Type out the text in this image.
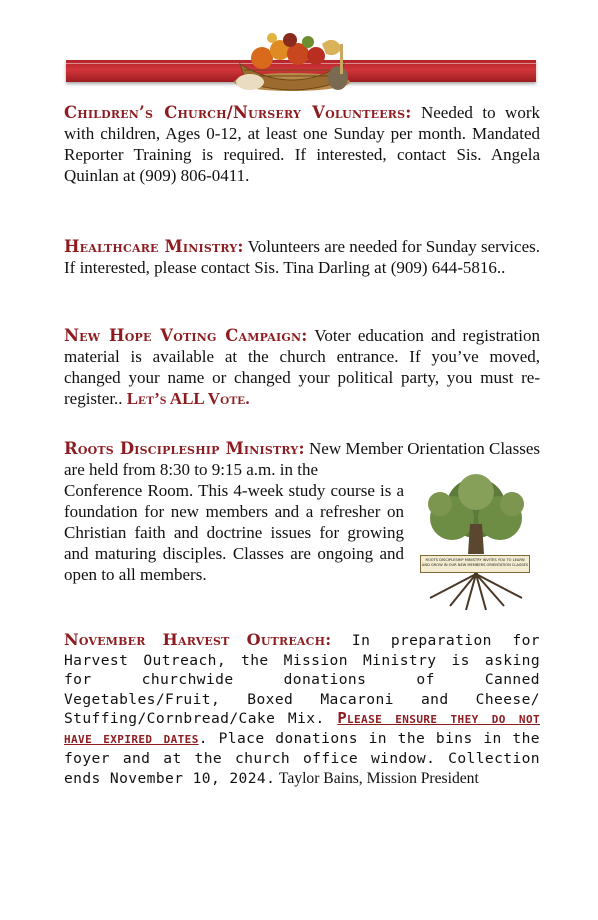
Children’s Church/Nursery Volunteers: Needed to work with children, Ages 0-12, at least one Sunday per month. Mandated Reporter Training is required. If interested, contact Sis. Angela Quinlan at (909) 806-0411.

Healthcare Ministry: Volunteers are needed for Sunday services. If interested, please contact Sis. Tina Darling at (909) 644-5816..

New Hope Voting Campaign: Voter education and registration material is available at the church entrance. If you’ve moved, changed your name or changed your political party, you must re-register.. Let’s ALL Vote.

Roots Discipleship Ministry: New Member Orientation Classes are held from 8:30 to 9:15 a.m. in the

Conference Room. This 4-week study course is a foundation for new members and a refresher on Christian faith and doctrine issues for growing and maturing disciples. Classes are ongoing and open to all members.

ROOTS DISCIPLESHIP MINISTRY INVITES YOU TO LEARN AND GROW IN OUR NEW MEMBERS ORIENTATION CLASSES

November Harvest Outreach: In preparation for Harvest Outreach, the Mission Ministry is asking for churchwide donations of Canned Vegetables/Fruit, Boxed Macaroni and Cheese/ Stuffing/Cornbread/Cake Mix. Please ensure they do not have expired dates. Place donations in the bins in the foyer and at the church office window. Collection ends November 10, 2024. Taylor Bains, Mission President
